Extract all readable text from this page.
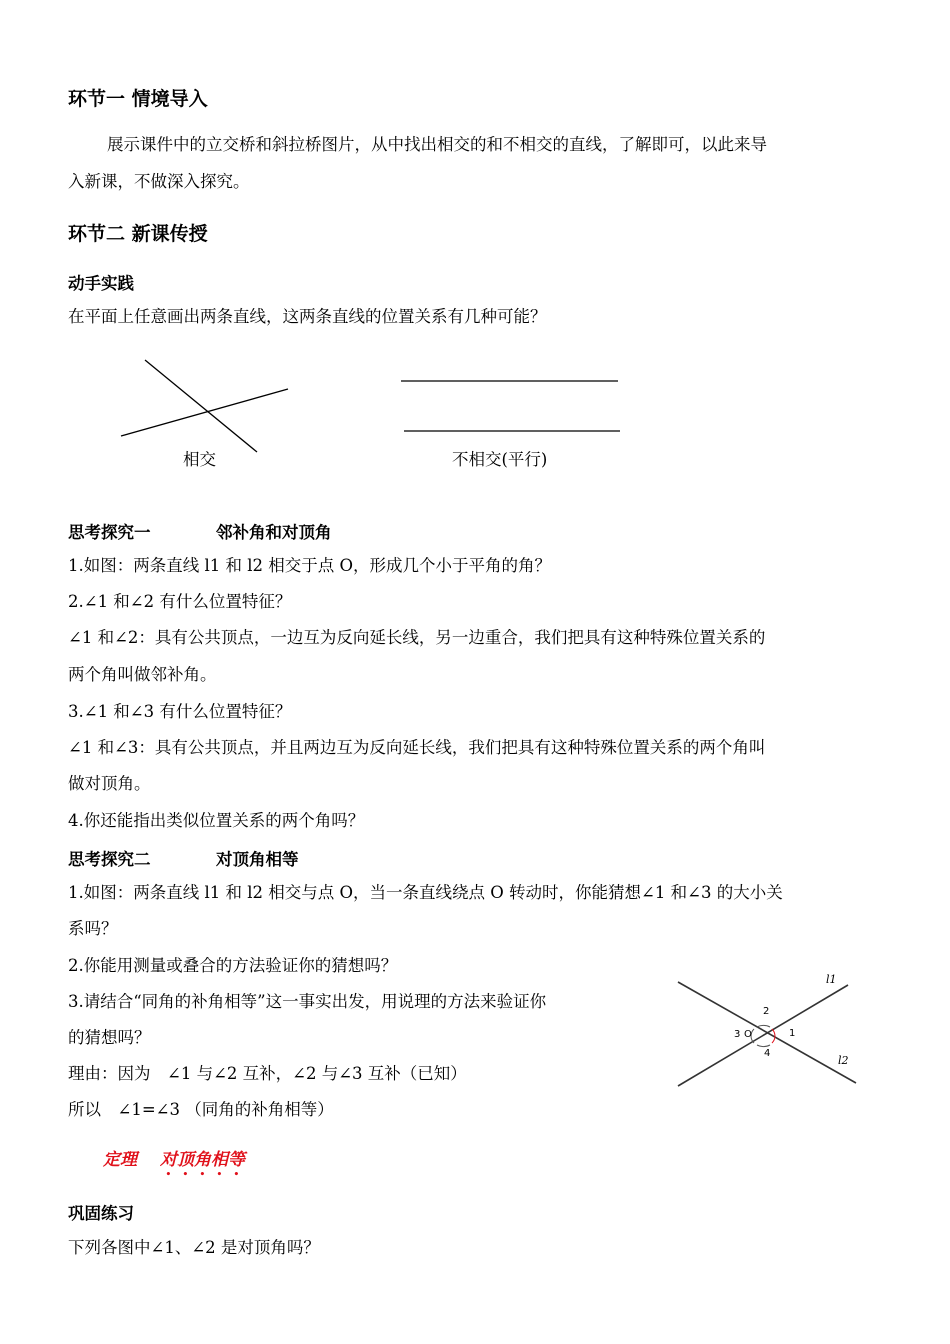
环节一 情境导入
展示课件中的立交桥和斜拉桥图片，从中找出相交的和不相交的直线，了解即可，以此来导
入新课，不做深入探究。
环节二 新课传授
动手实践
在平面上任意画出两条直线，这两条直线的位置关系有几种可能？
相交	不相交(平行)
思考探究一	邻补角和对顶角
1.如图：两条直线 l1 和 l2 相交于点 O，形成几个小于平角的角？
2.∠1 和∠2 有什么位置特征？
∠1 和∠2：具有公共顶点，一边互为反向延长线，另一边重合，我们把具有这种特殊位置关系的
两个角叫做邻补角。
3.∠1 和∠3 有什么位置特征？
∠1 和∠3：具有公共顶点，并且两边互为反向延长线，我们把具有这种特殊位置关系的两个角叫
做对顶角。
4.你还能指出类似位置关系的两个角吗？
思考探究二	对顶角相等
1.如图：两条直线 l1 和 l2 相交与点 O，当一条直线绕点 O 转动时，你能猜想∠1 和∠3 的大小关
系吗？
2.你能用测量或叠合的方法验证你的猜想吗？
3.请结合“同角的补角相等”这一事实出发，用说理的方法来验证你
的猜想吗？
理由：因为　∠1 与∠2 互补，∠2 与∠3 互补（已知）
所以　∠1=∠3 （同角的补角相等）
2
3 O	1
4
l1
l2
定理 对顶角相等
巩固练习
下列各图中∠1、∠2 是对顶角吗？
